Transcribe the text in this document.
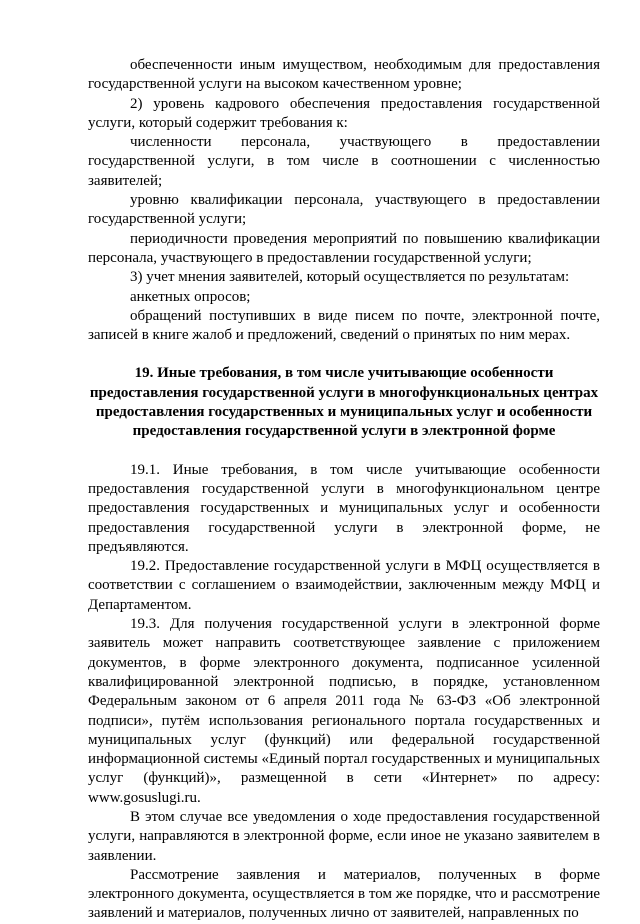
обеспеченности иным имуществом, необходимым для предоставления государственной услуги на высоком качественном уровне;

2) уровень кадрового обеспечения предоставления государственной услуги, который содержит требования к:

численности персонала, участвующего в предоставлении государственной услуги, в том числе в соотношении с численностью заявителей;

уровню квалификации персонала, участвующего в предоставлении государственной услуги;

периодичности проведения мероприятий по повышению квалификации персонала, участвующего в предоставлении государственной услуги;

3) учет мнения заявителей, который осуществляется по результатам:

анкетных опросов;

обращений поступивших в виде писем по почте, электронной почте, записей в книге жалоб и предложений, сведений о принятых по ним мерах.

19. Иные требования, в том числе учитывающие особенности предоставления государственной услуги в многофункциональных центрах предоставления государственных и муниципальных услуг и особенности предоставления государственной услуги в электронной форме

19.1. Иные требования, в том числе учитывающие особенности предоставления государственной услуги в многофункциональном центре предоставления государственных и муниципальных услуг и особенности предоставления государственной услуги в электронной форме, не предъявляются.

19.2. Предоставление государственной услуги в МФЦ осуществляется в соответствии с соглашением о взаимодействии, заключенным между МФЦ и Департаментом.

19.3. Для получения государственной услуги в электронной форме заявитель может направить соответствующее заявление с приложением документов, в форме электронного документа, подписанное усиленной квалифицированной электронной подписью, в порядке, установленном Федеральным законом от 6 апреля 2011 года № 63-ФЗ «Об электронной подписи», путём использования регионального портала государственных и муниципальных услуг (функций) или федеральной государственной информационной системы «Единый портал государственных и муниципальных услуг (функций)», размещенной в сети «Интернет» по адресу: www.gosuslugi.ru.

В этом случае все уведомления о ходе предоставления государственной услуги, направляются в электронной форме, если иное не указано заявителем в заявлении.

Рассмотрение заявления и материалов, полученных в форме электронного документа, осуществляется в том же порядке, что и рассмотрение заявлений и материалов, полученных лично от заявителей, направленных по
